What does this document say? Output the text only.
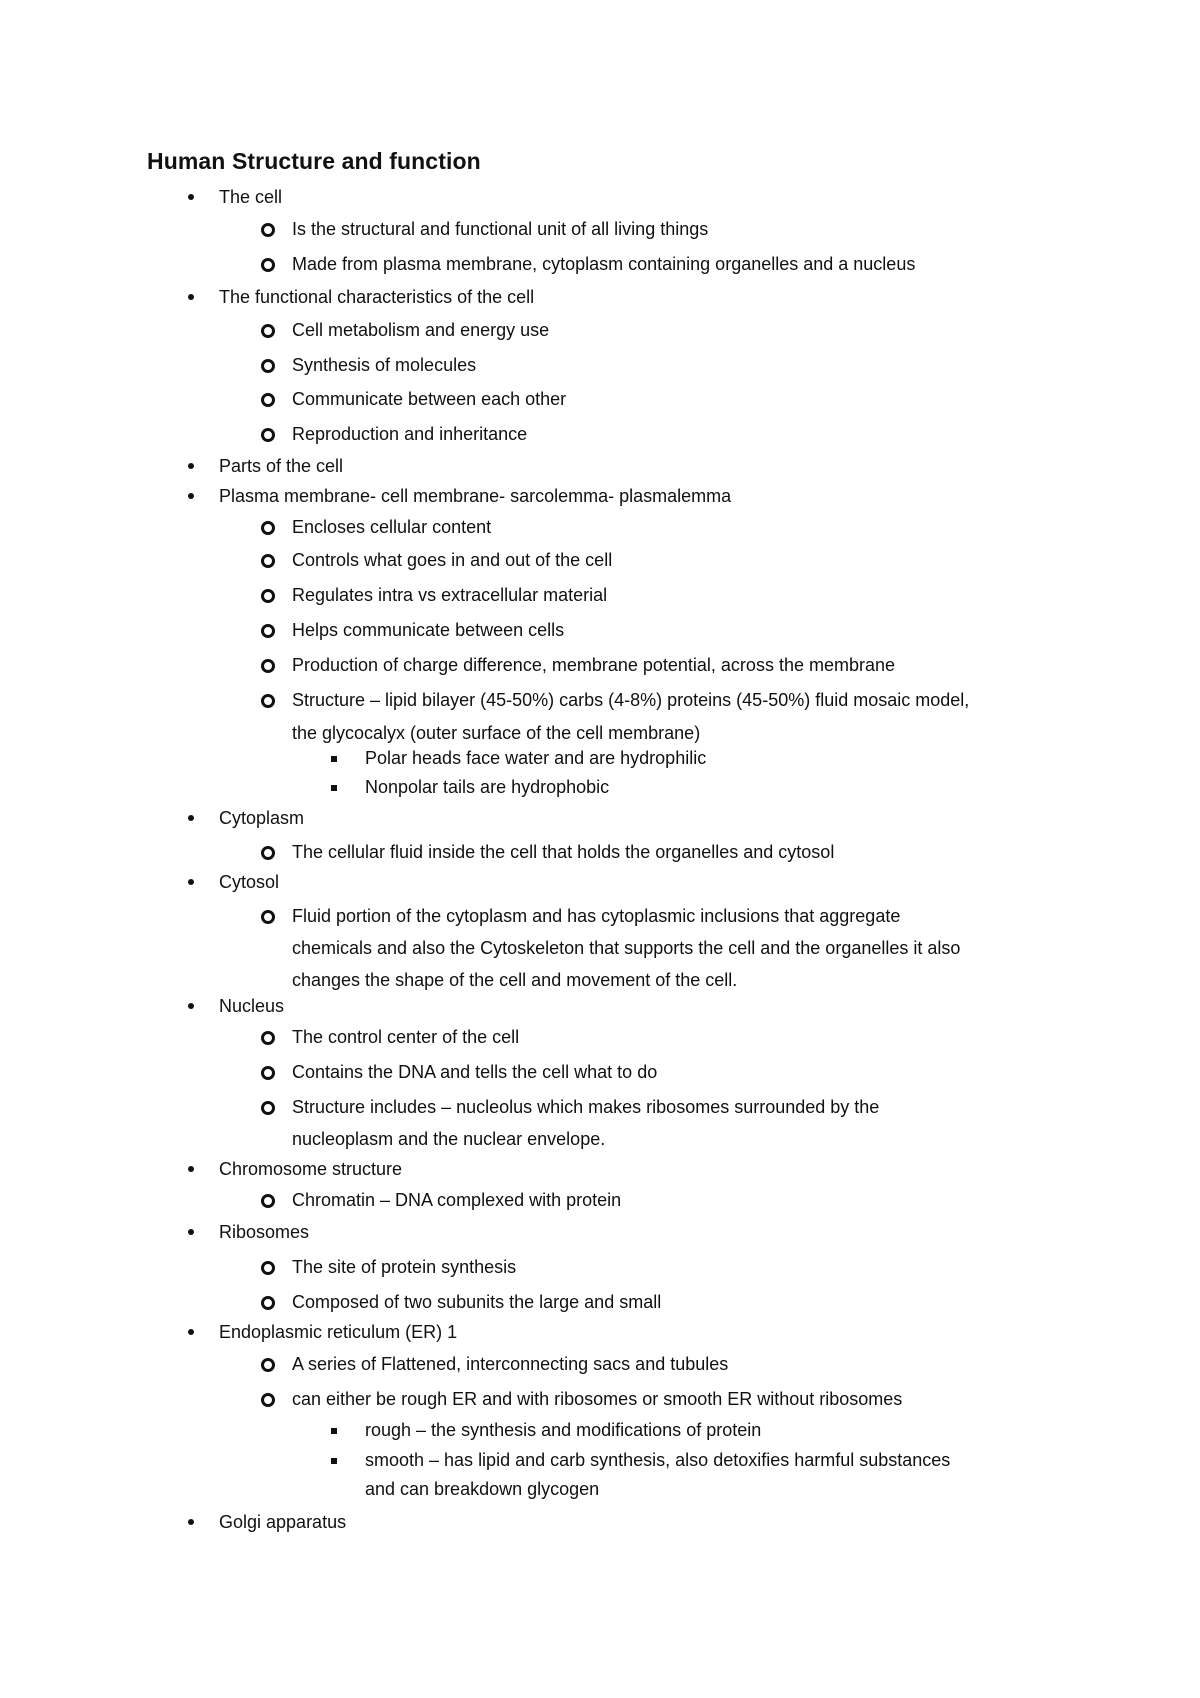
Human Structure and function
The cell
Is the structural and functional unit of all living things
Made from plasma membrane, cytoplasm containing organelles and a nucleus
The functional characteristics of the cell
Cell metabolism and energy use
Synthesis of molecules
Communicate between each other
Reproduction and inheritance
Parts of the cell
Plasma membrane- cell membrane- sarcolemma- plasmalemma
Encloses cellular content
Controls what goes in and out of the cell
Regulates intra vs extracellular material
Helps communicate between cells
Production of charge difference, membrane potential, across the membrane
Structure – lipid bilayer (45-50%) carbs (4-8%) proteins (45-50%) fluid mosaic model,
the glycocalyx (outer surface of the cell membrane)
Polar heads face water and are hydrophilic
Nonpolar tails are hydrophobic
Cytoplasm
The cellular fluid inside the cell that holds the organelles and cytosol
Cytosol
Fluid portion of the cytoplasm and has cytoplasmic inclusions that aggregate
chemicals and also the Cytoskeleton that supports the cell and the organelles it also
changes the shape of the cell and movement of the cell.
Nucleus
The control center of the cell
Contains the DNA and tells the cell what to do
Structure includes – nucleolus which makes ribosomes surrounded by the
nucleoplasm and the nuclear envelope.
Chromosome structure
Chromatin – DNA complexed with protein
Ribosomes
The site of protein synthesis
Composed of two subunits the large and small
Endoplasmic reticulum (ER) 1
A series of Flattened, interconnecting sacs and tubules
can either be rough ER and with ribosomes or smooth ER without ribosomes
rough – the synthesis and modifications of protein
smooth – has lipid and carb synthesis, also detoxifies harmful substances
and can breakdown glycogen
Golgi apparatus
